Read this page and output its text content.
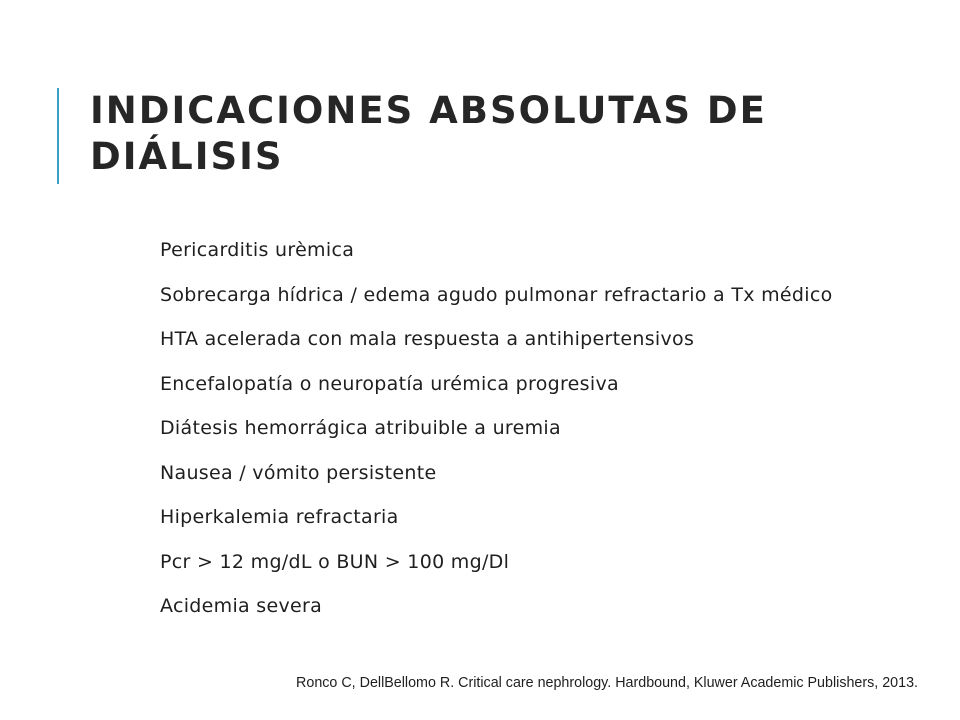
INDICACIONES ABSOLUTAS DE DIÁLISIS
Pericarditis urèmica
Sobrecarga hídrica / edema agudo pulmonar refractario a Tx médico
HTA acelerada con mala respuesta a antihipertensivos
Encefalopatía o neuropatía urémica progresiva
Diátesis hemorrágica atribuible a uremia
Nausea / vómito persistente
Hiperkalemia refractaria
Pcr > 12 mg/dL o BUN > 100 mg/Dl
Acidemia severa

Ronco C, DellBellomo R. Critical care nephrology. Hardbound, Kluwer Academic Publishers, 2013.
